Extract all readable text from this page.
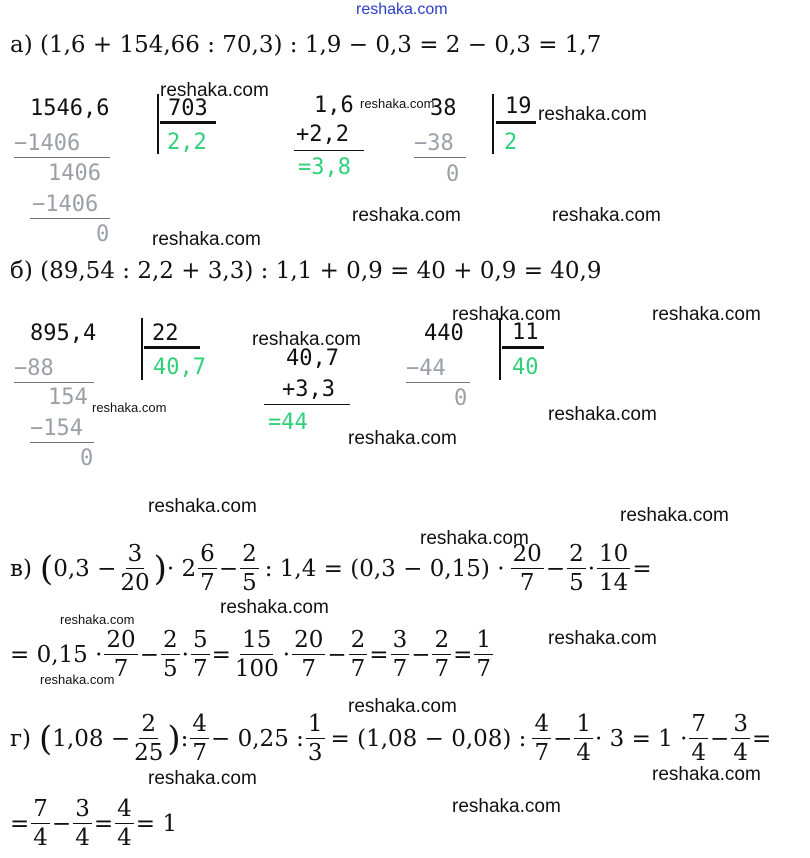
reshaka.com
а) (1,6 + 154,66 : 70,3) : 1,9 − 0,3 = 2 − 0,3 = 1,7
1546,6	703
2,2
−1406
1406
−1406
0
1,6
+2,2
=3,8
38 19
2
−38
0
б) (89,54 : 2,2 + 3,3) : 1,1 + 0,9 = 40 + 0,9 = 40,9
895,4	22
40,7
−88
154
−154
0
40,7
+3,3
=44
440 11
40
−44
0
в) ( $0,3 - \frac{3}{20}$ ) · $2 \frac{6}{7} - \frac{2}{5}$ : $1,4 = (0,3 - 0,15) \cdot \frac{20}{7} - \frac{2}{5} \cdot \frac{10}{14}$ =
= $0,15 \cdot \frac{20}{7} - \frac{2}{5} \cdot \frac{5}{7} = \frac{15}{100} \cdot \frac{20}{7} - \frac{2}{7} = \frac{3}{7} - \frac{2}{7} = \frac{1}{7}$
г) ( $1,08 - \frac{2}{25}$ ) : $\frac{4}{7} - 0,25$ : $\frac{1}{3} = (1,08 - 0,08)$ : $\frac{4}{7} - \frac{1}{4} \cdot 3 = 1 \cdot \frac{7}{4} - \frac{3}{4}$ =
= $\frac{7}{4} - \frac{3}{4} = \frac{4}{4} = 1$
reshaka.com
reshaka.com
reshaka.com
reshaka.com	reshaka.com
reshaka.com
reshaka.com	reshaka.com
reshaka.com
reshaka.com	reshaka.com
reshaka.com
reshaka.com	reshaka.com
reshaka.com
reshaka.com
reshaka.com
reshaka.com
reshaka.com
reshaka.com
reshaka.com	reshaka.com
reshaka.com
